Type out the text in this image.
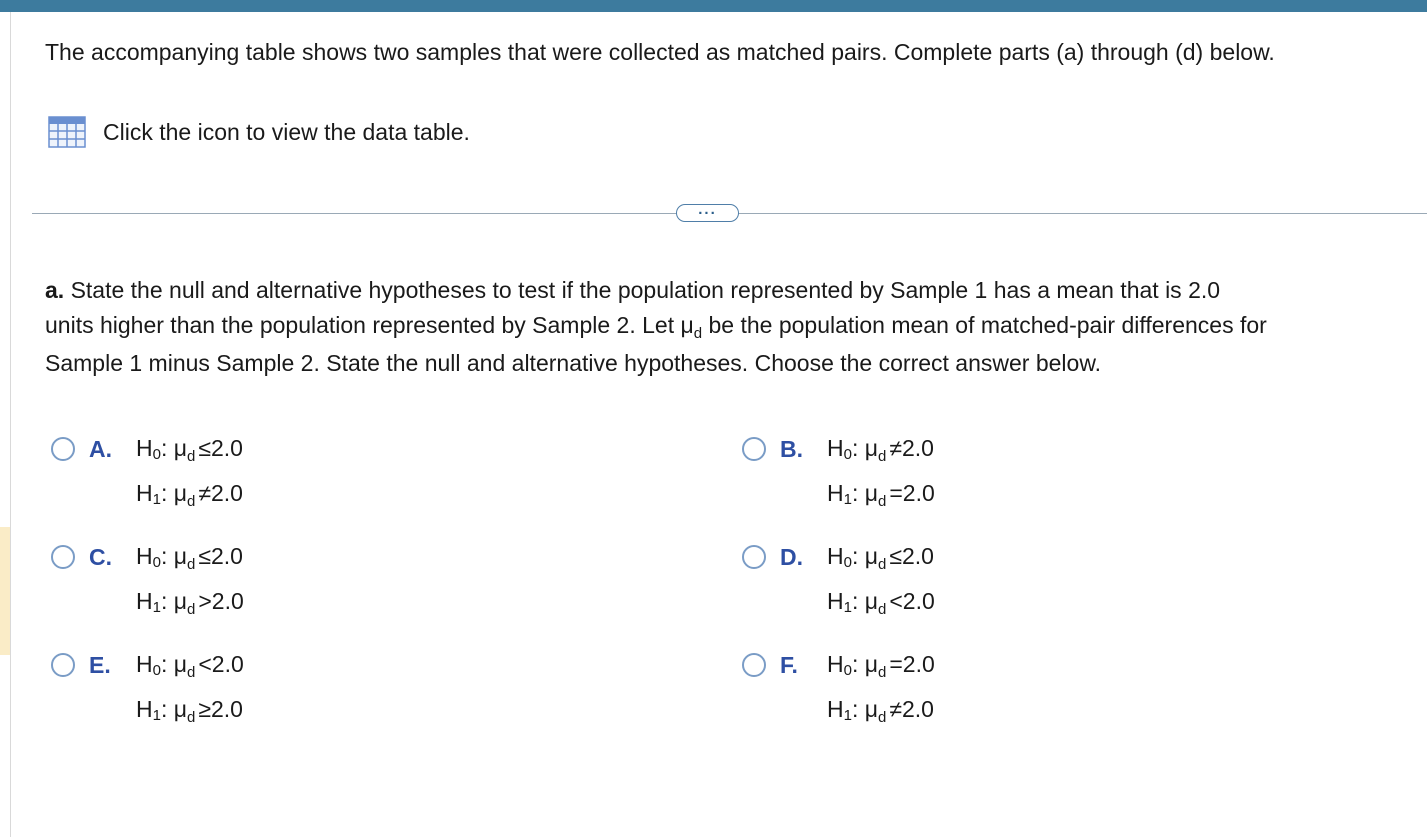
The accompanying table shows two samples that were collected as matched pairs. Complete parts (a) through (d) below.
Click the icon to view the data table.
...
a. State the null and alternative hypotheses to test if the population represented by Sample 1 has a mean that is 2.0
units higher than the population represented by Sample 2. Let $\mu_d$ be the population mean of matched-pair differences for
Sample 1 minus Sample 2. State the null and alternative hypotheses. Choose the correct answer below.
A. $H_0$: $\mu_d \le 2.0$
$H_1$: $\mu_d \ne 2.0$
B. $H_0$: $\mu_d \ne 2.0$
$H_1$: $\mu_d =2.0$
C. $H_0$: $\mu_d \le 2.0$
$H_1$: $\mu_d >2.0$
D. $H_0$: $\mu_d \le 2.0$
$H_1$: $\mu_d <2.0$
E. $H_0$: $\mu_d <2.0$
$H_1$: $\mu_d \ge 2.0$
F. $H_0$: $\mu_d =2.0$
$H_1$: $\mu_d \ne 2.0$
